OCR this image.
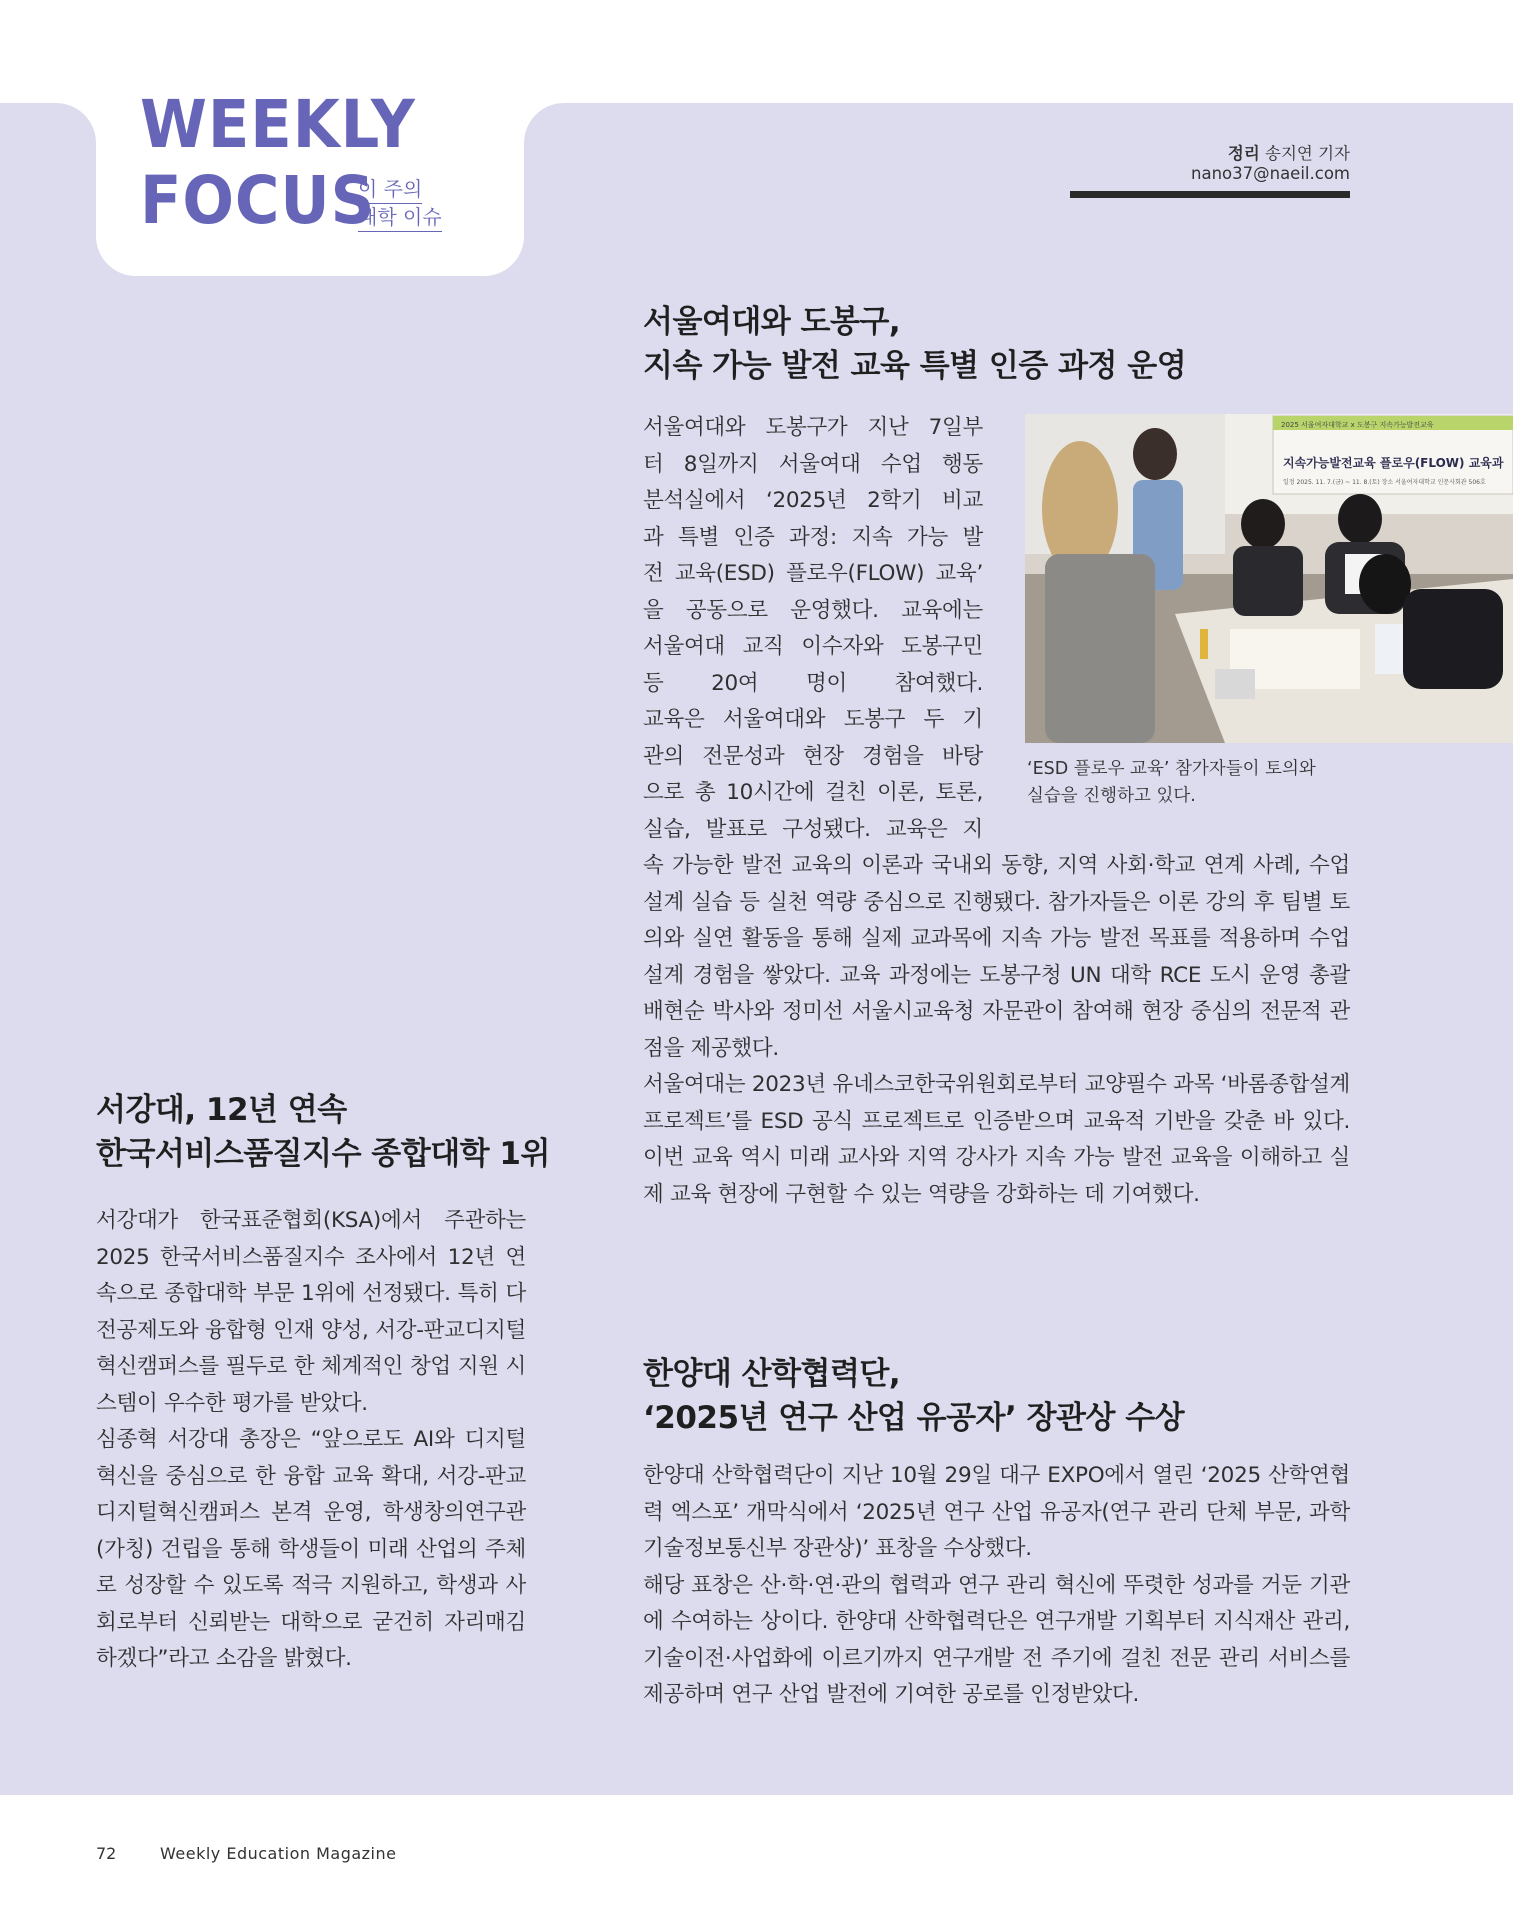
WEEKLY
FOCUS
이 주의
대학 이슈
정리 송지연 기자 nano37@naeil.com
서울여대와 도봉구,
지속 가능 발전 교육 특별 인증 과정 운영
서울여대와 도봉구가 지난 7일부
터 8일까지 서울여대 수업 행동
분석실에서 ‘2025년 2학기 비교
과 특별 인증 과정: 지속 가능 발
전 교육(ESD) 플로우(FLOW) 교육’
을 공동으로 운영했다. 교육에는
서울여대 교직 이수자와 도봉구민
등 20여 명이 참여했다.
교육은 서울여대와 도봉구 두 기
관의 전문성과 현장 경험을 바탕
으로 총 10시간에 걸친 이론, 토론,
실습, 발표로 구성됐다. 교육은 지

속 가능한 발전 교육의 이론과 국내외 동향, 지역 사회·학교 연계 사례, 수업 설계 실습 등 실천 역량 중심으로 진행됐다. 참가자들은 이론 강의 후 팀별 토의와 실연 활동을 통해 실제 교과목에 지속 가능 발전 목표를 적용하며 수업 설계 경험을 쌓았다. 교육 과정에는 도봉구청 UN 대학 RCE 도시 운영 총괄 배현순 박사와 정미선 서울시교육청 자문관이 참여해 현장 중심의 전문적 관점을 제공했다.

서울여대는 2023년 유네스코한국위원회로부터 교양필수 과목 ‘바롬종합설계프로젝트’를 ESD 공식 프로젝트로 인증받으며 교육적 기반을 갖춘 바 있다. 이번 교육 역시 미래 교사와 지역 강사가 지속 가능 발전 교육을 이해하고 실제 교육 현장에 구현할 수 있는 역량을 강화하는 데 기여했다.

2025 서울여자대학교 x 도봉구 지속가능발전교육
지속가능발전교육 플로우(FLOW) 교육과
일정 2025. 11. 7.(금) ~ 11. 8.(토) 장소 서울여자대학교 인문사회관 506호
‘ESD 플로우 교육’ 참가자들이 토의와
실습을 진행하고 있다.
서강대, 12년 연속
한국서비스품질지수 종합대학 1위

서강대가 한국표준협회(KSA)에서 주관하는 2025 한국서비스품질지수 조사에서 12년 연속으로 종합대학 부문 1위에 선정됐다. 특히 다전공제도와 융합형 인재 양성, 서강-판교디지털혁신캠퍼스를 필두로 한 체계적인 창업 지원 시스템이 우수한 평가를 받았다.

심종혁 서강대 총장은 “앞으로도 AI와 디지털 혁신을 중심으로 한 융합 교육 확대, 서강-판교디지털혁신캠퍼스 본격 운영, 학생창의연구관(가칭) 건립을 통해 학생들이 미래 산업의 주체로 성장할 수 있도록 적극 지원하고, 학생과 사회로부터 신뢰받는 대학으로 굳건히 자리매김하겠다”라고 소감을 밝혔다.

한양대 산학협력단,
‘2025년 연구 산업 유공자’ 장관상 수상

한양대 산학협력단이 지난 10월 29일 대구 EXPO에서 열린 ‘2025 산학연협력 엑스포’ 개막식에서 ‘2025년 연구 산업 유공자(연구 관리 단체 부문, 과학기술정보통신부 장관상)’ 표창을 수상했다.

해당 표창은 산·학·연·관의 협력과 연구 관리 혁신에 뚜렷한 성과를 거둔 기관에 수여하는 상이다. 한양대 산학협력단은 연구개발 기획부터 지식재산 관리, 기술이전·사업화에 이르기까지 연구개발 전 주기에 걸친 전문 관리 서비스를 제공하며 연구 산업 발전에 기여한 공로를 인정받았다.

72	Weekly Education Magazine
